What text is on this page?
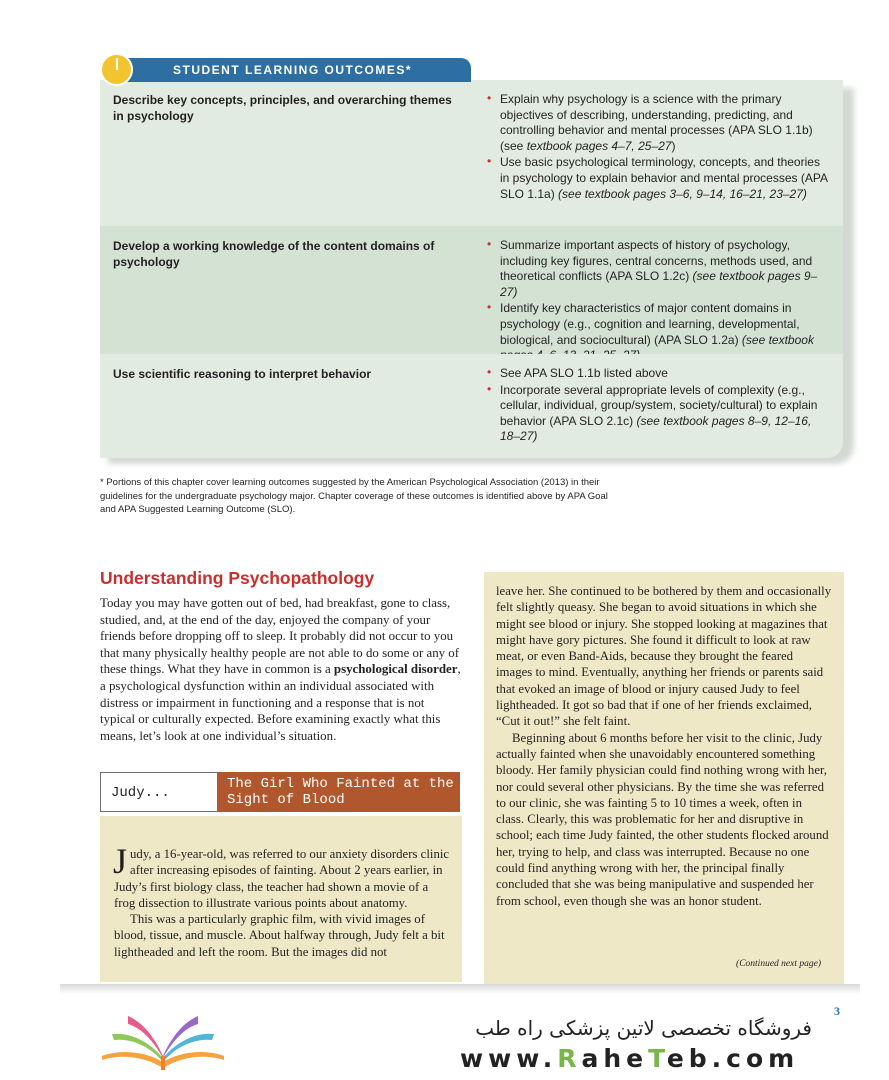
Describe key concepts, principles, and overarching themes in psychology
• Explain why psychology is a science with the primary objectives of describing, understanding, predicting, and controlling behavior and mental processes (APA SLO 1.1b) (see textbook pages 4–7, 25–27)
• Use basic psychological terminology, concepts, and theories in psychology to explain behavior and mental processes (APA SLO 1.1a) (see textbook pages 3–6, 9–14, 16–21, 23–27)
Develop a working knowledge of the content domains of psychology
• Summarize important aspects of history of psychology, including key figures, central concerns, methods used, and theoretical conflicts (APA SLO 1.2c) (see textbook pages 9–27)
• Identify key characteristics of major content domains in psychology (e.g., cognition and learning, developmental, biological, and sociocultural) (APA SLO 1.2a) (see textbook
Use scientific reasoning to interpret behavior	• See APA SLO 1.1b listed above
• Incorporate several appropriate levels of complexity (e.g., cellular, individual, group/system, society/cultural) to explain behavior (APA SLO 2.1c) (see textbook pages 8–9, 12–16, 18–27)
STUDENT LEARNING OUTCOMES*
* Portions of this chapter cover learning outcomes suggested by the American Psychological Association (2013) in their guidelines for the undergraduate psychology major. Chapter coverage of these outcomes is identified above by APA Goal and APA Suggested Learning Outcome (SLO).
Understanding Psychopathology
Today you may have gotten out of bed, had breakfast, gone to class, studied, and, at the end of the day, enjoyed the company of your friends before dropping off to sleep. It probably did not occur to you that many physically healthy people are not able to do some or any of these things. What they have in common is a psychological disorder, a psychological dysfunction within an individual associated with distress or impairment in functioning and a response that is not typical or culturally expected. Before examining exactly what this means, let’s look at one individual’s situation.
Judy...
The Girl Who Fainted at the Sight of Blood

Judy, a 16-year-old, was referred to our anxiety disorders clinic after increasing episodes of fainting. About 2 years earlier, in Judy’s first biology class, the teacher had shown a movie of a frog dissection to illustrate various points about anatomy.

This was a particularly graphic film, with vivid images of blood, tissue, and muscle. About halfway through, Judy felt a bit lightheaded and left the room. But the images did not

leave her. She continued to be bothered by them and occasionally felt slightly queasy. She began to avoid situations in which she might see blood or injury. She stopped looking at magazines that might have gory pictures. She found it difficult to look at raw meat, or even Band-Aids, because they brought the feared images to mind. Eventually, anything her friends or parents said that evoked an image of blood or injury caused Judy to feel lightheaded. It got so bad that if one of her friends exclaimed, “Cut it out!” she felt faint.

Beginning about 6 months before her visit to the clinic, Judy actually fainted when she unavoidably encountered something bloody. Her family physician could find nothing wrong with her, nor could several other physicians. By the time she was referred to our clinic, she was fainting 5 to 10 times a week, often in class. Clearly, this was problematic for her and disruptive in school; each time Judy fainted, the other students flocked around her, trying to help, and class was interrupted. Because no one could find anything wrong with her, the principal finally concluded that she was being manipulative and suspended her from school, even though she was an honor student.

(Continued next page)
3
فروشگاه تخصصی لاتین پزشکی راه طب
www.RaheTeb.com
